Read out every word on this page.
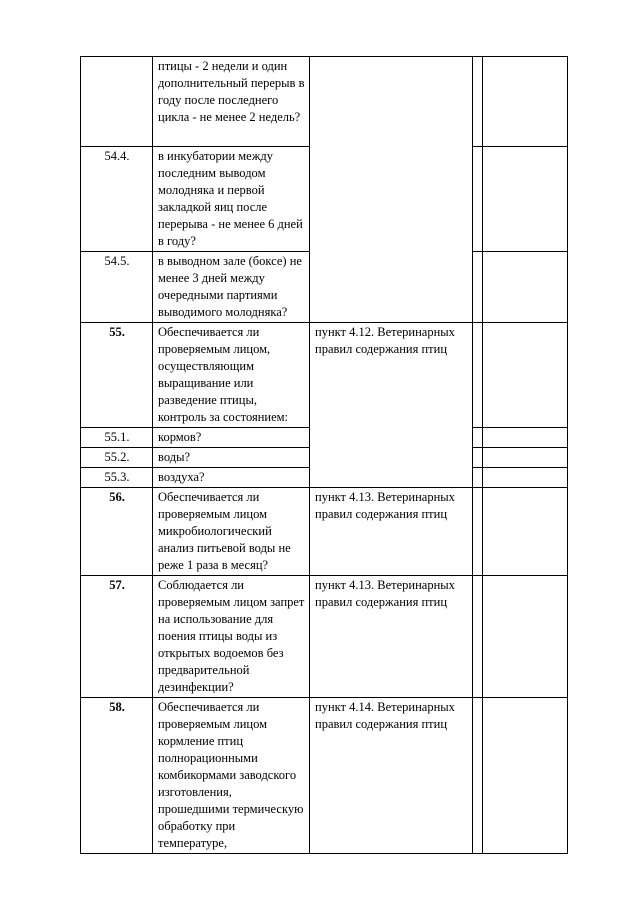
	птицы - 2 недели и один дополнительный перерыв в году после последнего цикла - не менее 2 недель?			
54.4.	в инкубатории между последним выводом молодняка и первой закладкой яиц после перерыва - не менее 6 дней в году?			
54.5.	в выводном зале (боксе) не менее 3 дней между очередными партиями выводимого молодняка?			
55.	Обеспечивается ли проверяемым лицом, осуществляющим выращивание или разведение птицы, контроль за состоянием:	пункт 4.12. Ветеринарных правил содержания птиц		
55.1.	кормов?			
55.2.	воды?			
55.3.	воздуха?			
56.	Обеспечивается ли проверяемым лицом микробиологический анализ питьевой воды не реже 1 раза в месяц?	пункт 4.13. Ветеринарных правил содержания птиц		
57.	Соблюдается ли проверяемым лицом запрет на использование для поения птицы воды из открытых водоемов без предварительной дезинфекции?	пункт 4.13. Ветеринарных правил содержания птиц		
58.	Обеспечивается ли проверяемым лицом кормление птиц полнорационными комбикормами заводского изготовления, прошедшими термическую обработку при температуре,	пункт 4.14. Ветеринарных правил содержания птиц		
